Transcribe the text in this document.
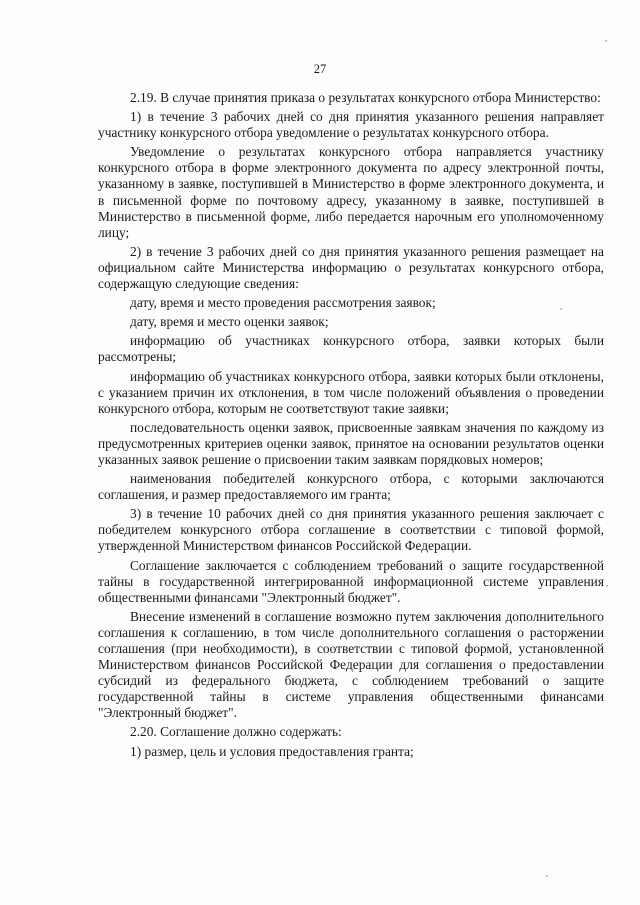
27

2.19. В случае принятия приказа о результатах конкурсного отбора Министерство:

1) в течение 3 рабочих дней со дня принятия указанного решения направляет участнику конкурсного отбора уведомление о результатах конкурсного отбора.

Уведомление о результатах конкурсного отбора направляется участнику конкурсного отбора в форме электронного документа по адресу электронной почты, указанному в заявке, поступившей в Министерство в форме электронного документа, и в письменной форме по почтовому адресу, указанному в заявке, поступившей в Министерство в письменной форме, либо передается нарочным его уполномоченному лицу;

2) в течение 3 рабочих дней со дня принятия указанного решения размещает на официальном сайте Министерства информацию о результатах конкурсного отбора, содержащую следующие сведения:

дату, время и место проведения рассмотрения заявок;

дату, время и место оценки заявок;

информацию об участниках конкурсного отбора, заявки которых были рассмотрены;

информацию об участниках конкурсного отбора, заявки которых были отклонены, с указанием причин их отклонения, в том числе положений объявления о проведении конкурсного отбора, которым не соответствуют такие заявки;

последовательность оценки заявок, присвоенные заявкам значения по каждому из предусмотренных критериев оценки заявок, принятое на основании результатов оценки указанных заявок решение о присвоении таким заявкам порядковых номеров;

наименования победителей конкурсного отбора, с которыми заключаются соглашения, и размер предоставляемого им гранта;

3) в течение 10 рабочих дней со дня принятия указанного решения заключает с победителем конкурсного отбора соглашение в соответствии с типовой формой, утвержденной Министерством финансов Российской Федерации.

Соглашение заключается с соблюдением требований о защите государственной тайны в государственной интегрированной информационной системе управления общественными финансами "Электронный бюджет".

Внесение изменений в соглашение возможно путем заключения дополнительного соглашения к соглашению, в том числе дополнительного соглашения о расторжении соглашения (при необходимости), в соответствии с типовой формой, установленной Министерством финансов Российской Федерации для соглашения о предоставлении субсидий из федерального бюджета, с соблюдением требований о защите государственной тайны в системе управления общественными финансами "Электронный бюджет".

2.20. Соглашение должно содержать:

1) размер, цель и условия предоставления гранта;
